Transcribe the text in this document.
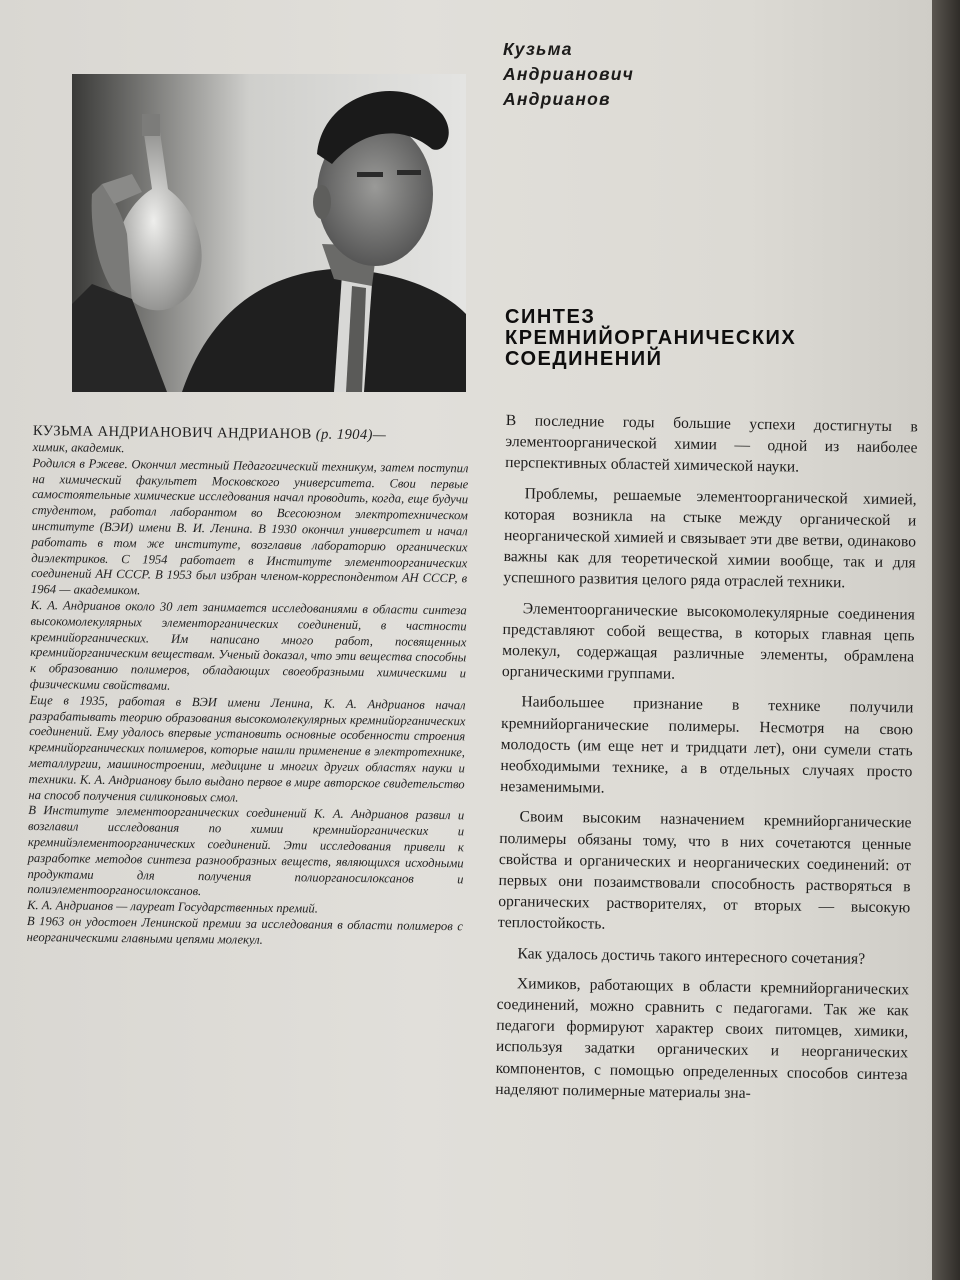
Кузьма
Андрианович
Андрианов
СИНТЕЗ
КРЕМНИЙОРГАНИЧЕСКИХ
СОЕДИНЕНИЙ
КУЗЬМА АНДРИАНОВИЧ АНДРИАНОВ (р. 1904)—

химик, академик.

Родился в Ржеве. Окончил местный Педагогический техникум, затем поступил на химический факультет Московского университета. Свои первые самостоятельные химические исследования начал проводить, когда, еще будучи студентом, работал лаборантом во Всесоюзном электротехническом институте (ВЭИ) имени В. И. Ленина. В 1930 окончил университет и начал работать в том же институте, возглавив лабораторию органических диэлектриков. С 1954 работает в Институте элементоорганических соединений АН СССР. В 1953 был избран членом-корреспондентом АН СССР, в 1964 — академиком.

К. А. Андрианов около 30 лет занимается исследованиями в области синтеза высокомолекулярных элементорганических соединений, в частности кремнийорганических. Им написано много работ, посвященных кремнийорганическим веществам. Ученый доказал, что эти вещества способны к образованию полимеров, обладающих своеобразными химическими и физическими свойствами.

Еще в 1935, работая в ВЭИ имени Ленина, К. А. Андрианов начал разрабатывать теорию образования высокомолекулярных кремнийорганических соединений. Ему удалось впервые установить основные особенности строения кремнийорганических полимеров, которые нашли применение в электротехнике, металлургии, машиностроении, медицине и многих других областях науки и техники. К. А. Андрианову было выдано первое в мире авторское свидетельство на способ получения силиконовых смол.

В Институте элементоорганических соединений К. А. Андрианов развил и возглавил исследования по химии кремнийорганических и кремнийэлементоорганических соединений. Эти исследования привели к разработке методов синтеза разнообразных веществ, являющихся исходными продуктами для получения полиорганосилоксанов и полиэлементоорганосилоксанов.

К. А. Андрианов — лауреат Государственных премий.

В 1963 он удостоен Ленинской премии за исследования в области полимеров с неорганическими главными цепями молекул.

В последние годы большие успехи достигнуты в элементоорганической химии — одной из наиболее перспективных областей химической науки.

Проблемы, решаемые элементоорганической химией, которая возникла на стыке между органической и неорганической химией и связывает эти две ветви, одинаково важны как для теоретической химии вообще, так и для успешного развития целого ряда отраслей техники.

Элементоорганические высокомолекулярные соединения представляют собой вещества, в которых главная цепь молекул, содержащая различные элементы, обрамлена органическими группами.

Наибольшее признание в технике получили кремнийорганические полимеры. Несмотря на свою молодость (им еще нет и тридцати лет), они сумели стать необходимыми технике, а в отдельных случаях просто незаменимыми.

Своим высоким назначением кремнийорганические полимеры обязаны тому, что в них сочетаются ценные свойства и органических и неорганических соединений: от первых они позаимствовали способность растворяться в органических растворителях, от вторых — высокую теплостойкость.

Как удалось достичь такого интересного сочетания?

Химиков, работающих в области кремнийорганических соединений, можно сравнить с педагогами. Так же как педагоги формируют характер своих питомцев, химики, используя задатки органических и неорганических компонентов, с помощью определенных способов синтеза наделяют полимерные материалы зна-
